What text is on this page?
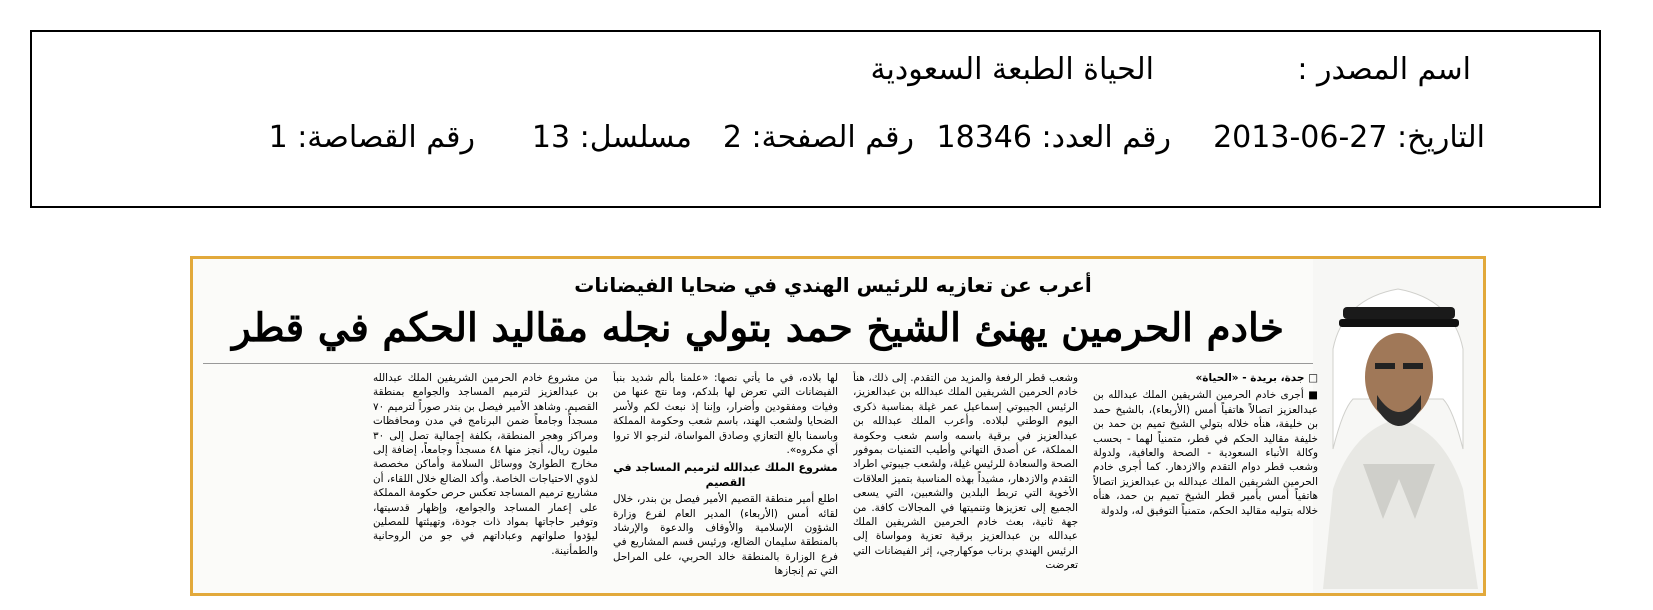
اسم المصدر :
الحياة الطبعة السعودية
التاريخ: 27-06-2013
رقم العدد: 18346
رقم الصفحة: 2
مسلسل: 13
رقم القصاصة: 1
أعرب عن تعازيه للرئيس الهندي في ضحايا الفيضانات
خادم الحرمين يهنئ الشيخ حمد بتولي نجله مقاليد الحكم في قطر

□ جدة، بريدة - «الحياة»

■ أجرى خادم الحرمين الشريفين الملك عبدالله بن عبدالعزيز اتصالاً هاتفياً أمس (الأربعاء)، بالشيخ حمد بن خليفة، هنأه خلاله بتولي الشيخ تميم بن حمد بن خليفة مقاليد الحكم في قطر، متمنياً لهما - بحسب وكالة الأنباء السعودية - الصحة والعافية، ولدولة وشعب قطر دوام التقدم والازدهار. كما أجرى خادم الحرمين الشريفين الملك عبدالله بن عبدالعزيز اتصالاً هاتفياً أمس بأمير قطر الشيخ تميم بن حمد، هنأه خلاله بتوليه مقاليد الحكم، متمنياً التوفيق له، ولدولة

وشعب قطر الرفعة والمزيد من التقدم. إلى ذلك، هنأ خادم الحرمين الشريفين الملك عبدالله بن عبدالعزيز، الرئيس الجيبوتي إسماعيل عمر غيلة بمناسبة ذكرى اليوم الوطني لبلاده. وأعرب الملك عبدالله بن عبدالعزيز في برقية باسمه واسم شعب وحكومة المملكة، عن أصدق التهاني وأطيب التمنيات بموفور الصحة والسعادة للرئيس غيلة، ولشعب جيبوتي اطراد التقدم والازدهار، مشيداً بهذه المناسبة بتميز العلاقات الأخوية التي تربط البلدين والشعبين، التي يسعى الجميع إلى تعزيزها وتنميتها في المجالات كافة. من جهة ثانية، بعث خادم الحرمين الشريفين الملك عبدالله بن عبدالعزيز برقية تعزية ومواساة إلى الرئيس الهندي برناب موكهارجي، إثر الفيضانات التي تعرضت

لها بلاده، في ما يأتي نصها: «علمنا بألم شديد بنبأ الفيضانات التي تعرض لها بلدكم، وما نتج عنها من وفيات ومفقودين وأضرار، وإننا إذ نبعث لكم ولأسر الضحايا ولشعب الهند، باسم شعب وحكومة المملكة وباسمنا بالغ التعازي وصادق المواساة، لنرجو الا تروا أي مكروه».

مشروع الملك عبدالله لترميم المساجد في القصيم

اطلع أمير منطقة القصيم الأمير فيصل بن بندر، خلال لقائه أمس (الأربعاء) المدير العام لفرع وزارة الشؤون الإسلامية والأوقاف والدعوة والإرشاد بالمنطقة سليمان الضالع، ورئيس قسم المشاريع في فرع الوزارة بالمنطقة خالد الحربي، على المراحل التي تم إنجازها

من مشروع خادم الحرمين الشريفين الملك عبدالله بن عبدالعزيز لترميم المساجد والجوامع بمنطقة القصيم. وشاهد الأمير فيصل بن بندر صوراً لترميم ٧٠ مسجداً وجامعاً ضمن البرنامج في مدن ومحافظات ومراكز وهجر المنطقة، بكلفة إجمالية تصل إلى ٣٠ مليون ريال، أنجز منها ٤٨ مسجداً وجامعاً، إضافة إلى مخارج الطوارئ ووسائل السلامة وأماكن مخصصة لذوي الاحتياجات الخاصة. وأكد الضالع خلال اللقاء، أن مشاريع ترميم المساجد تعكس حرص حكومة المملكة على إعمار المساجد والجوامع، وإظهار قدسيتها، وتوفير حاجاتها بمواد ذات جودة، وتهيئتها للمصلين ليؤدوا صلواتهم وعباداتهم في جو من الروحانية والطمأنينة.
